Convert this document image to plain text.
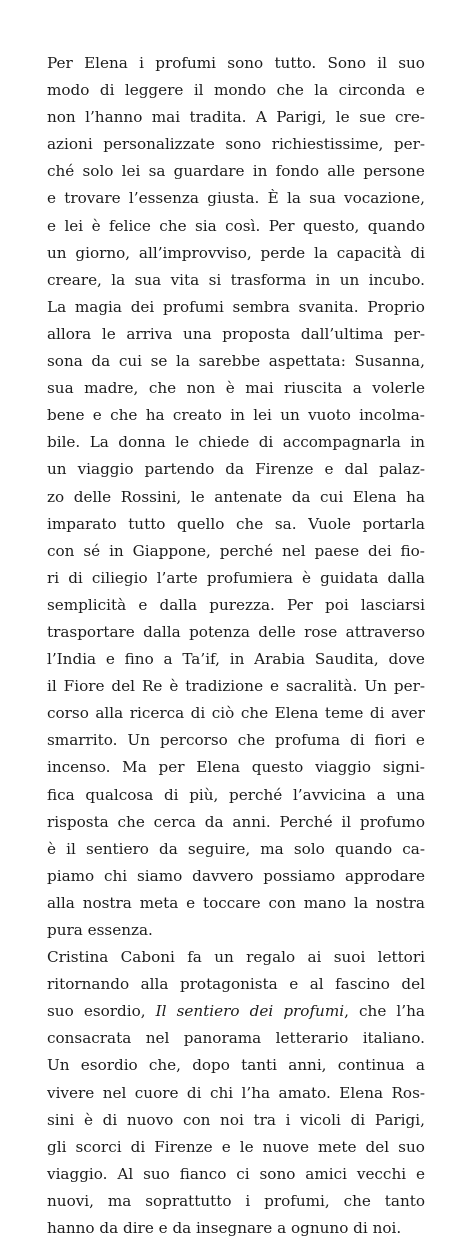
Per Elena i profumi sono tutto. Sono il suo
modo di leggere il mondo che la circonda e
non l’hanno mai tradita. A Parigi, le sue cre-
azioni personalizzate sono richiestissime, per-
ché solo lei sa guardare in fondo alle persone
e trovare l’essenza giusta. È la sua vocazione,
e lei è felice che sia così. Per questo, quando
un giorno, all’improvviso, perde la capacità di
creare, la sua vita si trasforma in un incubo.
La magia dei profumi sembra svanita. Proprio
allora le arriva una proposta dall’ultima per-
sona da cui se la sarebbe aspettata: Susanna,
sua madre, che non è mai riuscita a volerle
bene e che ha creato in lei un vuoto incolma-
bile. La donna le chiede di accompagnarla in
un viaggio partendo da Firenze e dal palaz-
zo delle Rossini, le antenate da cui Elena ha
imparato tutto quello che sa. Vuole portarla
con sé in Giappone, perché nel paese dei fio-
ri di ciliegio l’arte profumiera è guidata dalla
semplicità e dalla purezza. Per poi lasciarsi
trasportare dalla potenza delle rose attraverso
l’India e fino a Ta’if, in Arabia Saudita, dove
il Fiore del Re è tradizione e sacralità. Un per-
corso alla ricerca di ciò che Elena teme di aver
smarrito. Un percorso che profuma di fiori e
incenso. Ma per Elena questo viaggio signi-
fica qualcosa di più, perché l’avvicina a una
risposta che cerca da anni. Perché il profumo
è il sentiero da seguire, ma solo quando ca-
piamo chi siamo davvero possiamo approdare
alla nostra meta e toccare con mano la nostra
pura essenza.
Cristina Caboni fa un regalo ai suoi lettori
ritornando alla protagonista e al fascino del
suo esordio, Il sentiero dei profumi, che l’ha
consacrata nel panorama letterario italiano.
Un esordio che, dopo tanti anni, continua a
vivere nel cuore di chi l’ha amato. Elena Ros-
sini è di nuovo con noi tra i vicoli di Parigi,
gli scorci di Firenze e le nuove mete del suo
viaggio. Al suo fianco ci sono amici vecchi e
nuovi, ma soprattutto i profumi, che tanto
hanno da dire e da insegnare a ognuno di noi.
